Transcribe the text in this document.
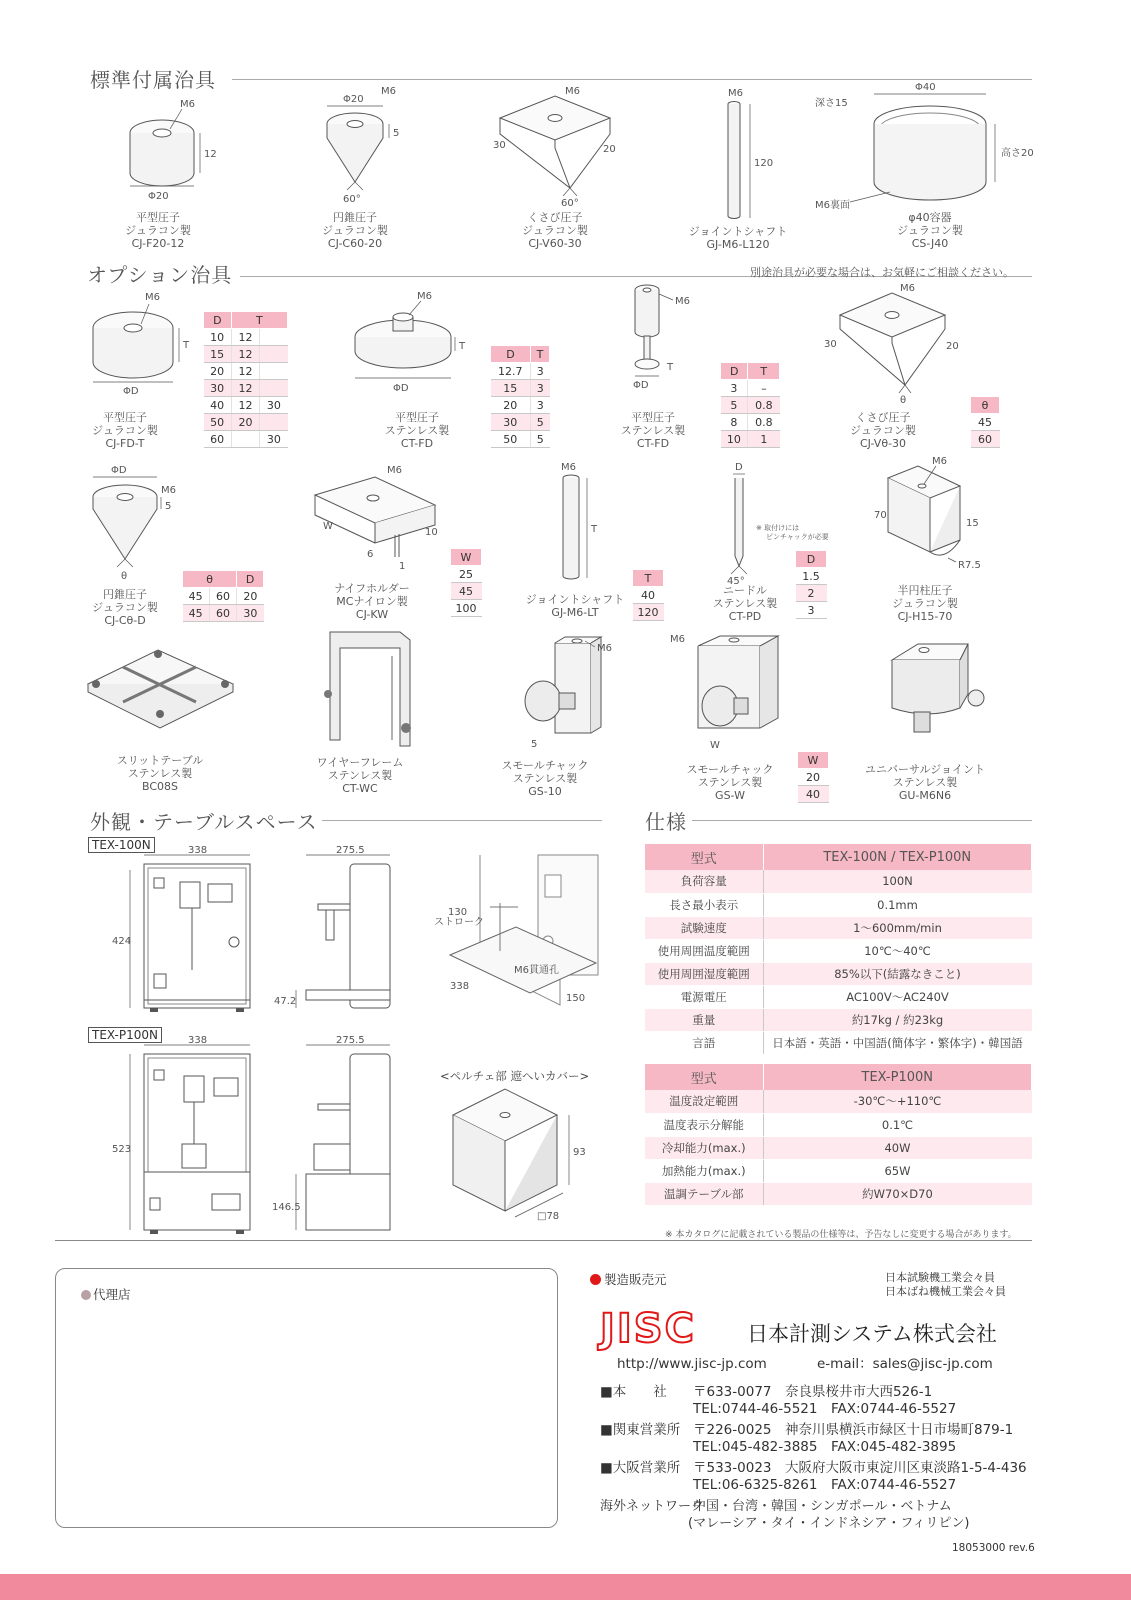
標準付属治具
オプション治具	別途治具が必要な場合は、お気軽にご相談ください。
外観・テーブルスペース	仕様
M6
12
Φ20
平型圧子
ジュラコン製
CJ-F20-12
Φ20
M6
5
60°
円錐圧子
ジュラコン製
CJ-C60-20
M6
30	20
60°
くさび圧子
ジュラコン製
CJ-V60-30
M6
120
ジョイントシャフト
GJ-M6-L120
Φ40
深さ15
高さ20
M6裏面
φ40容器
ジュラコン製
CS-J40
M6
T
ΦD
平型圧子
ジュラコン製
CJ-FD-T
D	T	
10	12	
15	12	
20	12	
30	12	
40	12	30
50	20	
60		30
M6
T
ΦD
平型圧子
ステンレス製
CT-FD
D	T
12.7	3
15	3
20	3
30	5
50	5
M6
T
ΦD
平型圧子
ステンレス製
CT-FD
D	T
3	–
5	0.8
8	0.8
10	1
M6
30	20
θ
くさび圧子
ジュラコン製
CJ-Vθ-30
θ
45
60
ΦD
M6
5
θ
円錐圧子
ジュラコン製
CJ-Cθ-D
θ		D
45	60	20
45	60	30
M6
W
10
6
1
ナイフホルダー
MCナイロン製
CJ-KW
W
25
45
100
M6
T
ジョイントシャフト
GJ-M6-LT
T
40
120
D
45°
※ 取付けには
ピンチャックが必要
ニードル
ステンレス製
CT-PD
D
1.5
2
3
M6
70
15
R7.5
半円柱圧子
ジュラコン製
CJ-H15-70
スリットテーブル
ステンレス製
BC08S
ワイヤーフレーム
ステンレス製
CT-WC
M6
5
スモールチャック
ステンレス製
GS-10
M6
W
スモールチャック
ステンレス製
GS-W
W
20
40
ユニバーサルジョイント
ステンレス製
GU-M6N6
TEX-100N	338
424
275.5
47.2
130
ストローク
M6貫通孔
338
150
TEX-P100N	338
523
275.5
146.5
<ペルチェ部 遮へいカバー>
93
□78
型式	TEX-100N / TEX-P100N
負荷容量	100N
長さ最小表示	0.1mm
試験速度	1〜600mm/min
使用周囲温度範囲	10℃〜40℃
使用周囲湿度範囲	85%以下(結露なきこと)
電源電圧	AC100V〜AC240V
重量	約17kg / 約23kg
言語	日本語・英語・中国語(簡体字・繁体字)・韓国語
型式	TEX-P100N
温度設定範囲	-30℃〜+110℃
温度表示分解能	0.1℃
冷却能力(max.)	40W
加熱能力(max.)	65W
温調テーブル部	約W70×D70
※ 本カタログに記載されている製品の仕様等は、予告なしに変更する場合があります。
代理店
製造販売元	日本試験機工業会々員
日本ばね機械工業会々員
JISC 日本計測システム株式会社
http://www.jisc-jp.com	e-mail：sales@jisc-jp.com
■本　　社	〒633-0077　奈良県桜井市大西526-1
TEL:0744-46-5521　FAX:0744-46-5527
■関東営業所 〒226-0025　神奈川県横浜市緑区十日市場町879-1
TEL:045-482-3885　FAX:045-482-3895
■大阪営業所 〒533-0023　大阪府大阪市東淀川区東淡路1-5-4-436
TEL:06-6325-8261　FAX:0744-46-5527
海外ネットワーク
中国・台湾・韓国・シンガポール・ベトナム
(マレーシア・タイ・インドネシア・フィリピン)
18053000 rev.6
